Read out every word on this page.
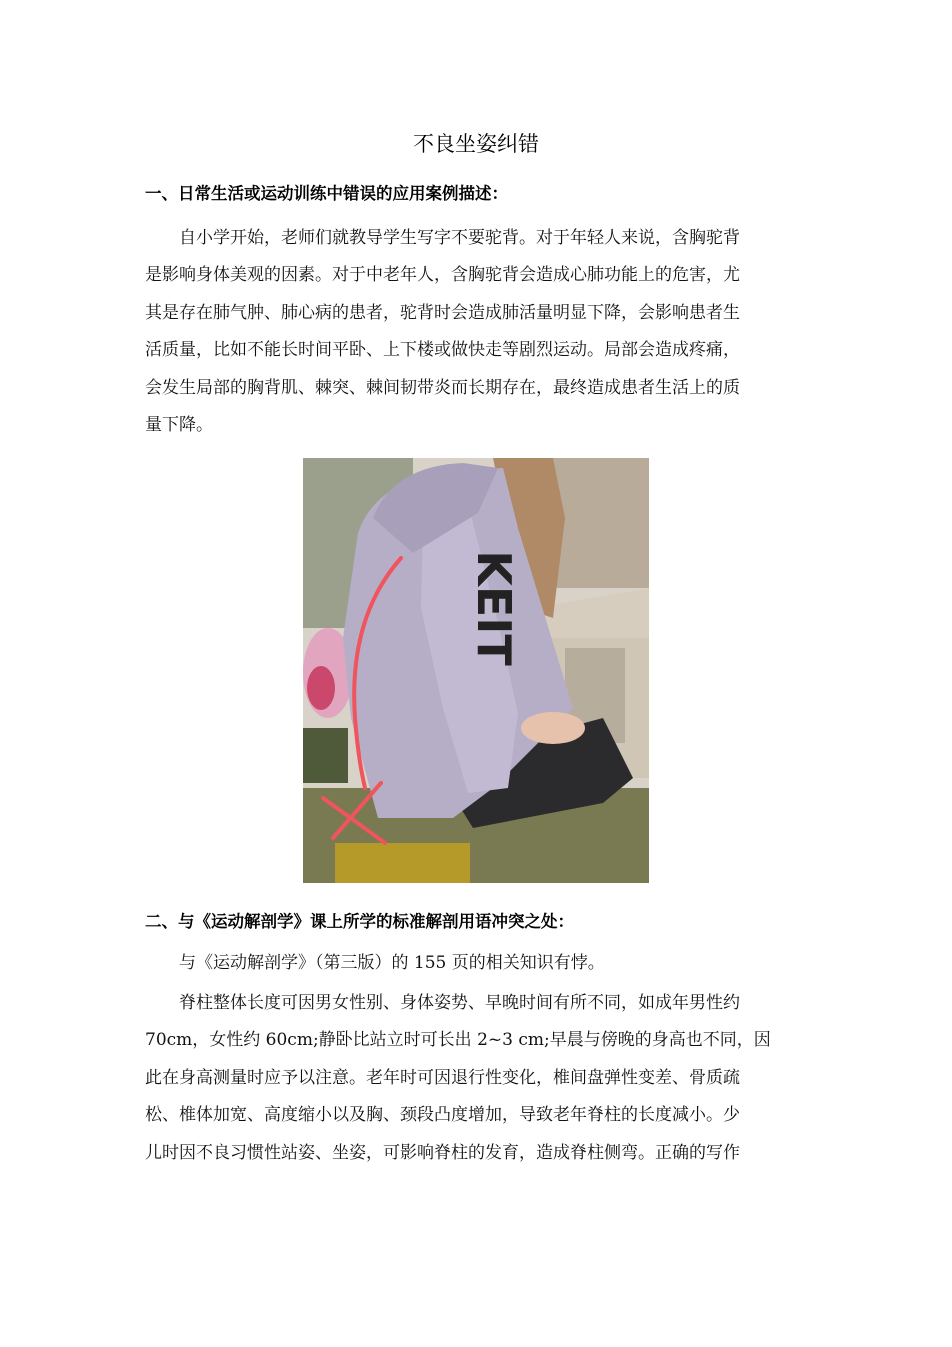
不良坐姿纠错
一、日常生活或运动训练中错误的应用案例描述：
自小学开始，老师们就教导学生写字不要驼背。对于年轻人来说，含胸驼背
是影响身体美观的因素。对于中老年人，含胸驼背会造成心肺功能上的危害，尤
其是存在肺气肿、肺心病的患者，驼背时会造成肺活量明显下降，会影响患者生
活质量，比如不能长时间平卧、上下楼或做快走等剧烈运动。局部会造成疼痛，
会发生局部的胸背肌、棘突、棘间韧带炎而长期存在，最终造成患者生活上的质
量下降。
KEIT
二、与《运动解剖学》课上所学的标准解剖用语冲突之处：
与《运动解剖学》（第三版）的 155 页的相关知识有悖。
脊柱整体长度可因男女性别、身体姿势、早晚时间有所不同，如成年男性约
70cm，女性约 60cm;静卧比站立时可长出 2~3 cm;早晨与傍晚的身高也不同，因
此在身高测量时应予以注意。老年时可因退行性变化，椎间盘弹性变差、骨质疏
松、椎体加宽、高度缩小以及胸、颈段凸度增加，导致老年脊柱的长度减小。少
儿时因不良习惯性站姿、坐姿，可影响脊柱的发育，造成脊柱侧弯。正确的写作
